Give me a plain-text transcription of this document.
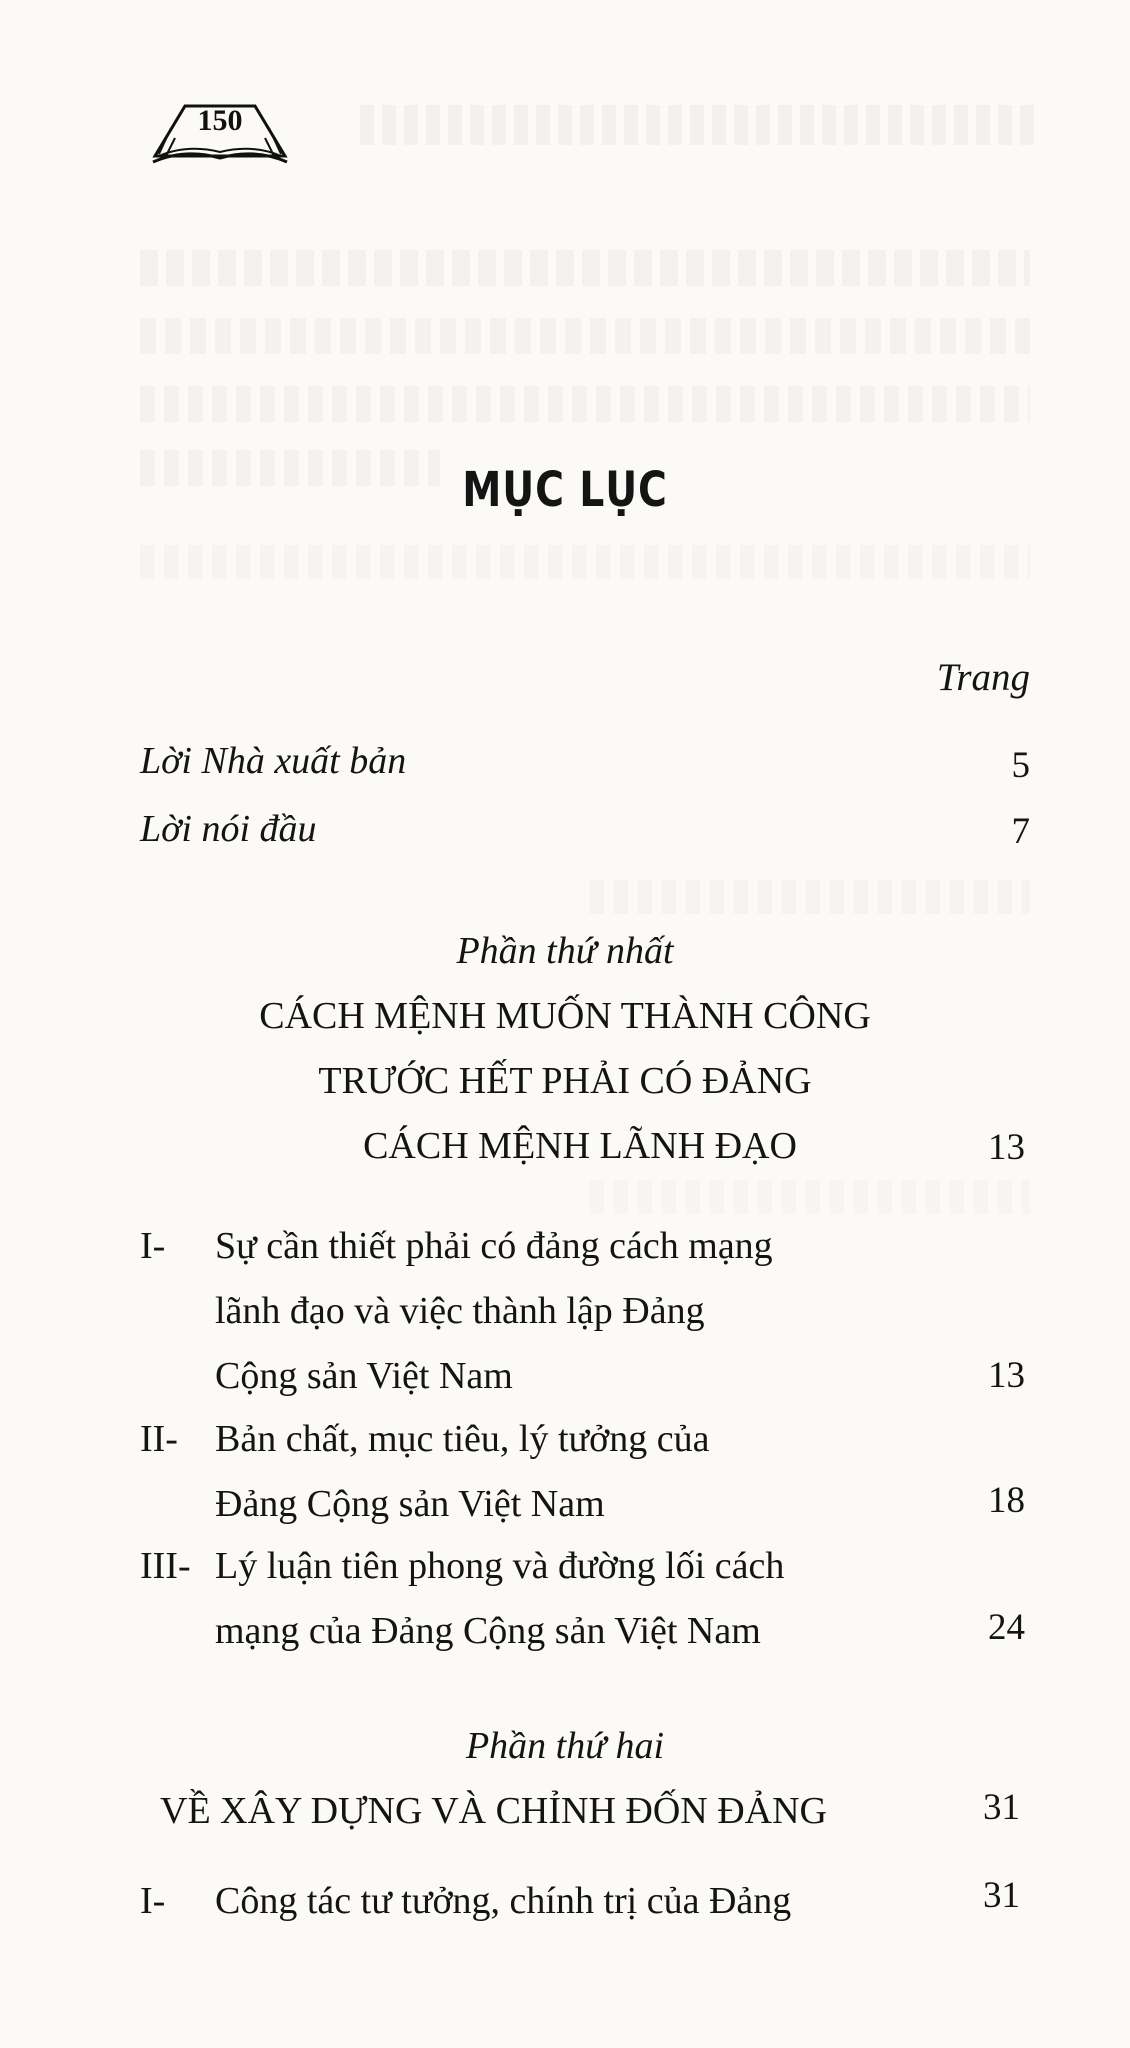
150
MỤC LỤC
Trang
Lời Nhà xuất bản	5
Lời nói đầu	7
Phần thứ nhất
CÁCH MỆNH MUỐN THÀNH CÔNG
TRƯỚC HẾT PHẢI CÓ ĐẢNG
CÁCH MỆNH LÃNH ĐẠO	13
I- Sự cần thiết phải có đảng cách mạng
lãnh đạo và việc thành lập Đảng
Cộng sản Việt Nam	13
II- Bản chất, mục tiêu, lý tưởng của
Đảng Cộng sản Việt Nam	18
III- Lý luận tiên phong và đường lối cách
mạng của Đảng Cộng sản Việt Nam	24
Phần thứ hai
VỀ XÂY DỰNG VÀ CHỈNH ĐỐN ĐẢNG	31
I- Công tác tư tưởng, chính trị của Đảng	31
